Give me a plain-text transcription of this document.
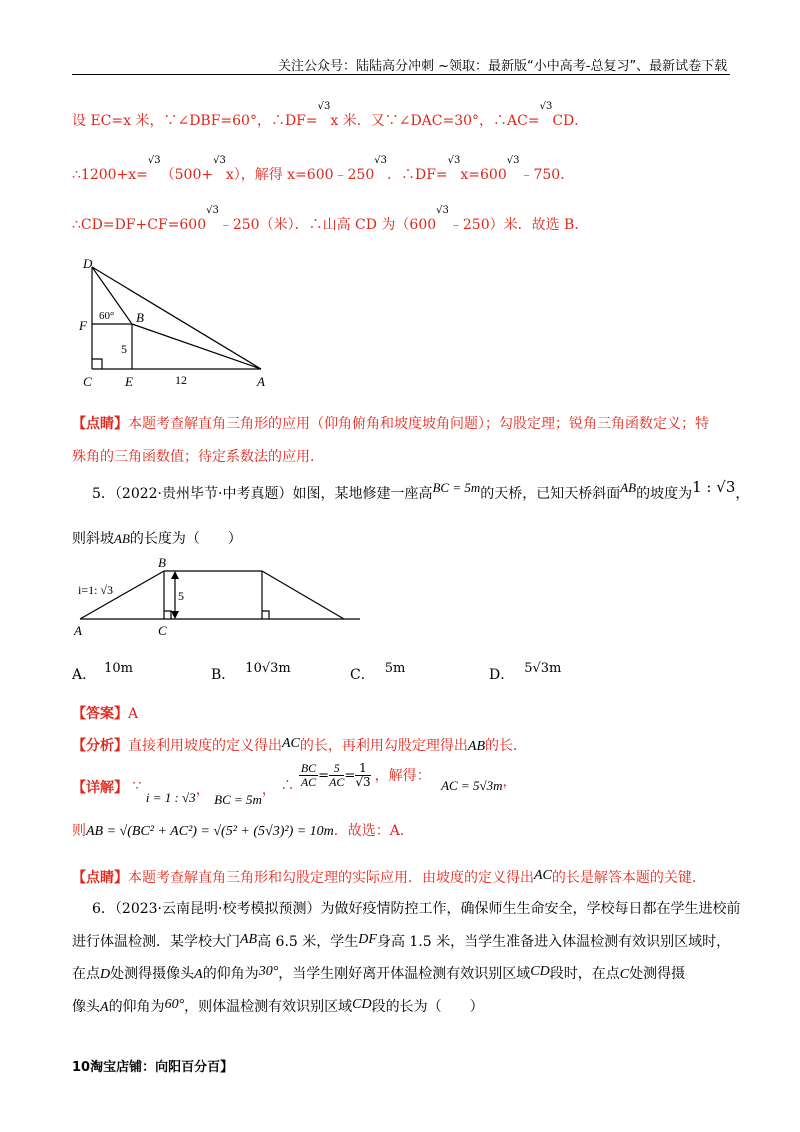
关注公众号：陆陆高分冲刺 ~领取：最新版“小中高考-总复习”、最新试卷下载
设 EC=x 米，∵∠DBF=60°，∴DF=$^{√3}$x 米．又∵∠DAC=30°，∴AC=$^{√3}$CD．
∴1200+x=$^{√3}$（500+$^{√3}$x），解得 $x=600﹣250^{√3}$．$\therefore DF=^{√3}x=600^{√3}﹣750$．
$\therefore CD=DF+CF=600^{√3}﹣250$（米）．∴山高 CD 为$(600^{√3}﹣250)$米．故选 B．
D
F
C	E	A
B
60°
5
12
【点睛】本题考查解直角三角形的应用（仰角俯角和坡度坡角问题）；勾股定理；锐角三角函数定义；特
殊角的三角函数值；待定系数法的应用．
5．（2022·贵州毕节·中考真题）如图，某地修建一座高BC = 5m的天桥，已知天桥斜面AB的坡度为1 : √3，
则斜坡AB的长度为（　　）
B
A	C
i=1: √3	5
A． 10m	B． 10√3m	C． 5m	D． 5√3m
【答案】A
【分析】直接利用坡度的定义得出AC的长，再利用勾股定理得出AB的长．
【详解】 ∵ i = 1 : √3， BC = 5m， ∴ $\frac{BC}{AC} = \frac{5}{AC} = \frac{1}{√3}$ ，解得： AC = 5√3m，
则AB = √(BC² + AC²) = √(5² + (5√3)²) = 10m．故选：A．
【点睛】本题考查解直角三角形和勾股定理的实际应用．由坡度的定义得出AC的长是解答本题的关键．
6．（2023·云南昆明·校考模拟预测）为做好疫情防控工作，确保师生生命安全，学校每日都在学生进校前
进行体温检测．某学校大门AB高 6.5 米，学生DF身高 1.5 米，当学生准备进入体温检测有效识别区域时，
在点D处测得摄像头A的仰角为30°，当学生刚好离开体温检测有效识别区域CD段时，在点C处测得摄
像头A的仰角为60°，则体温检测有效识别区域CD段的长为（　　）
10淘宝店铺：向阳百分百】
